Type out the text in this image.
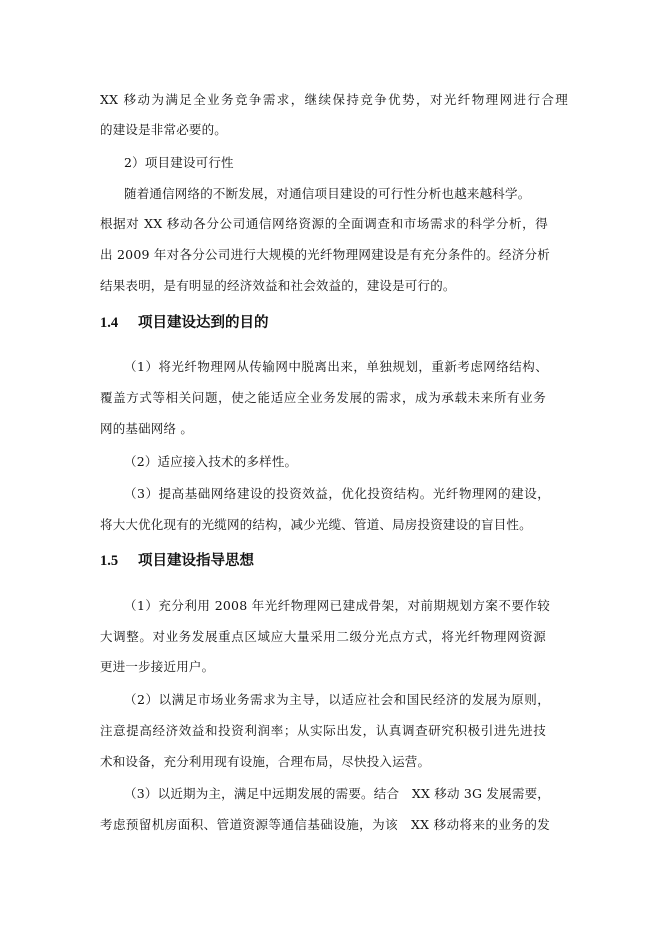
XX 移动为满足全业务竞争需求，继续保持竞争优势，对光纤物理网进行合理
的建设是非常必要的。
2）项目建设可行性
随着通信网络的不断发展，对通信项目建设的可行性分析也越来越科学。
根据对 XX 移动各分公司通信网络资源的全面调查和市场需求的科学分析，得
出 2009 年对各分公司进行大规模的光纤物理网建设是有充分条件的。经济分析
结果表明，是有明显的经济效益和社会效益的，建设是可行的。
1.4 项目建设达到的目的
（1）将光纤物理网从传输网中脱离出来，单独规划，重新考虑网络结构、
覆盖方式等相关问题，使之能适应全业务发展的需求，成为承载未来所有业务
网的基础网络 。
（2）适应接入技术的多样性。
（3）提高基础网络建设的投资效益，优化投资结构。光纤物理网的建设，
将大大优化现有的光缆网的结构，减少光缆、管道、局房投资建设的盲目性。
1.5 项目建设指导思想
（1）充分利用 2008 年光纤物理网已建成骨架，对前期规划方案不要作较
大调整。对业务发展重点区域应大量采用二级分光点方式，将光纤物理网资源
更进一步接近用户。
（2）以满足市场业务需求为主导，以适应社会和国民经济的发展为原则，
注意提高经济效益和投资利润率；从实际出发，认真调查研究积极引进先进技
术和设备，充分利用现有设施，合理布局，尽快投入运营。
（3）以近期为主，满足中远期发展的需要。结合　XX 移动 3G 发展需要，
考虑预留机房面积、管道资源等通信基础设施，为该　XX 移动将来的业务的发
